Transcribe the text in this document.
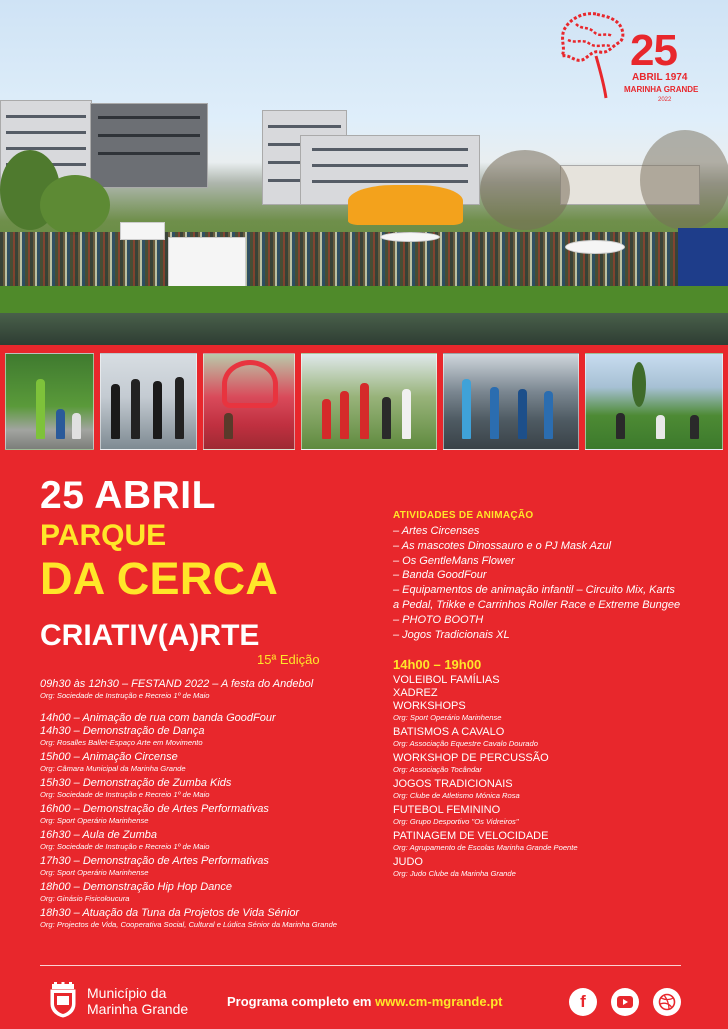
25
ABRIL 1974
MARINHA GRANDE
2022
25 ABRIL
PARQUE
DA CERCA
CRIATIV(A)RTE
15ª Edição
09h30 às 12h30 – FESTAND 2022 – A festa do Andebol
Org: Sociedade de Instrução e Recreio 1º de Maio
14h00 – Animação de rua com banda GoodFour
14h30 – Demonstração de Dança
Org: Rosalles Ballet-Espaço Arte em Movimento
15h00 – Animação Circense
Org: Câmara Municipal da Marinha Grande
15h30 – Demonstração de Zumba Kids
Org: Sociedade de Instrução e Recreio 1º de Maio
16h00 – Demonstração de Artes Performativas
Org: Sport Operário Marinhense
16h30 – Aula de Zumba
Org: Sociedade de Instrução e Recreio 1º de Maio
17h30 – Demonstração de Artes Performativas
Org: Sport Operário Marinhense
18h00 – Demonstração Hip Hop Dance
Org: Ginásio Fisicoloucura
18h30 – Atuação da Tuna da Projetos de Vida Sénior
Org: Projectos de Vida, Cooperativa Social, Cultural e Lúdica Sénior da Marinha Grande
ATIVIDADES DE ANIMAÇÃO
– Artes Circenses
– As mascotes Dinossauro e o PJ Mask Azul
– Os GentleMans Flower
– Banda GoodFour
– Equipamentos de animação infantil – Circuito Mix, Karts
a Pedal, Trikke e Carrinhos Roller Race e Extreme Bungee
– PHOTO BOOTH
– Jogos Tradicionais XL
14h00 – 19h00
VOLEIBOL FAMÍLIAS
XADREZ
WORKSHOPS
Org: Sport Operário Marinhense
BATISMOS A CAVALO
Org: Associação Equestre Cavalo Dourado
WORKSHOP DE PERCUSSÃO
Org: Associação Tocândar
JOGOS TRADICIONAIS
Org: Clube de Atletismo Mónica Rosa
FUTEBOL FEMININO
Org: Grupo Desportivo "Os Vidreiros"
PATINAGEM DE VELOCIDADE
Org: Agrupamento de Escolas Marinha Grande Poente
JUDO
Org: Judo Clube da Marinha Grande
Município da
Marinha Grande	Programa completo em www.cm-mgrande.pt	f
